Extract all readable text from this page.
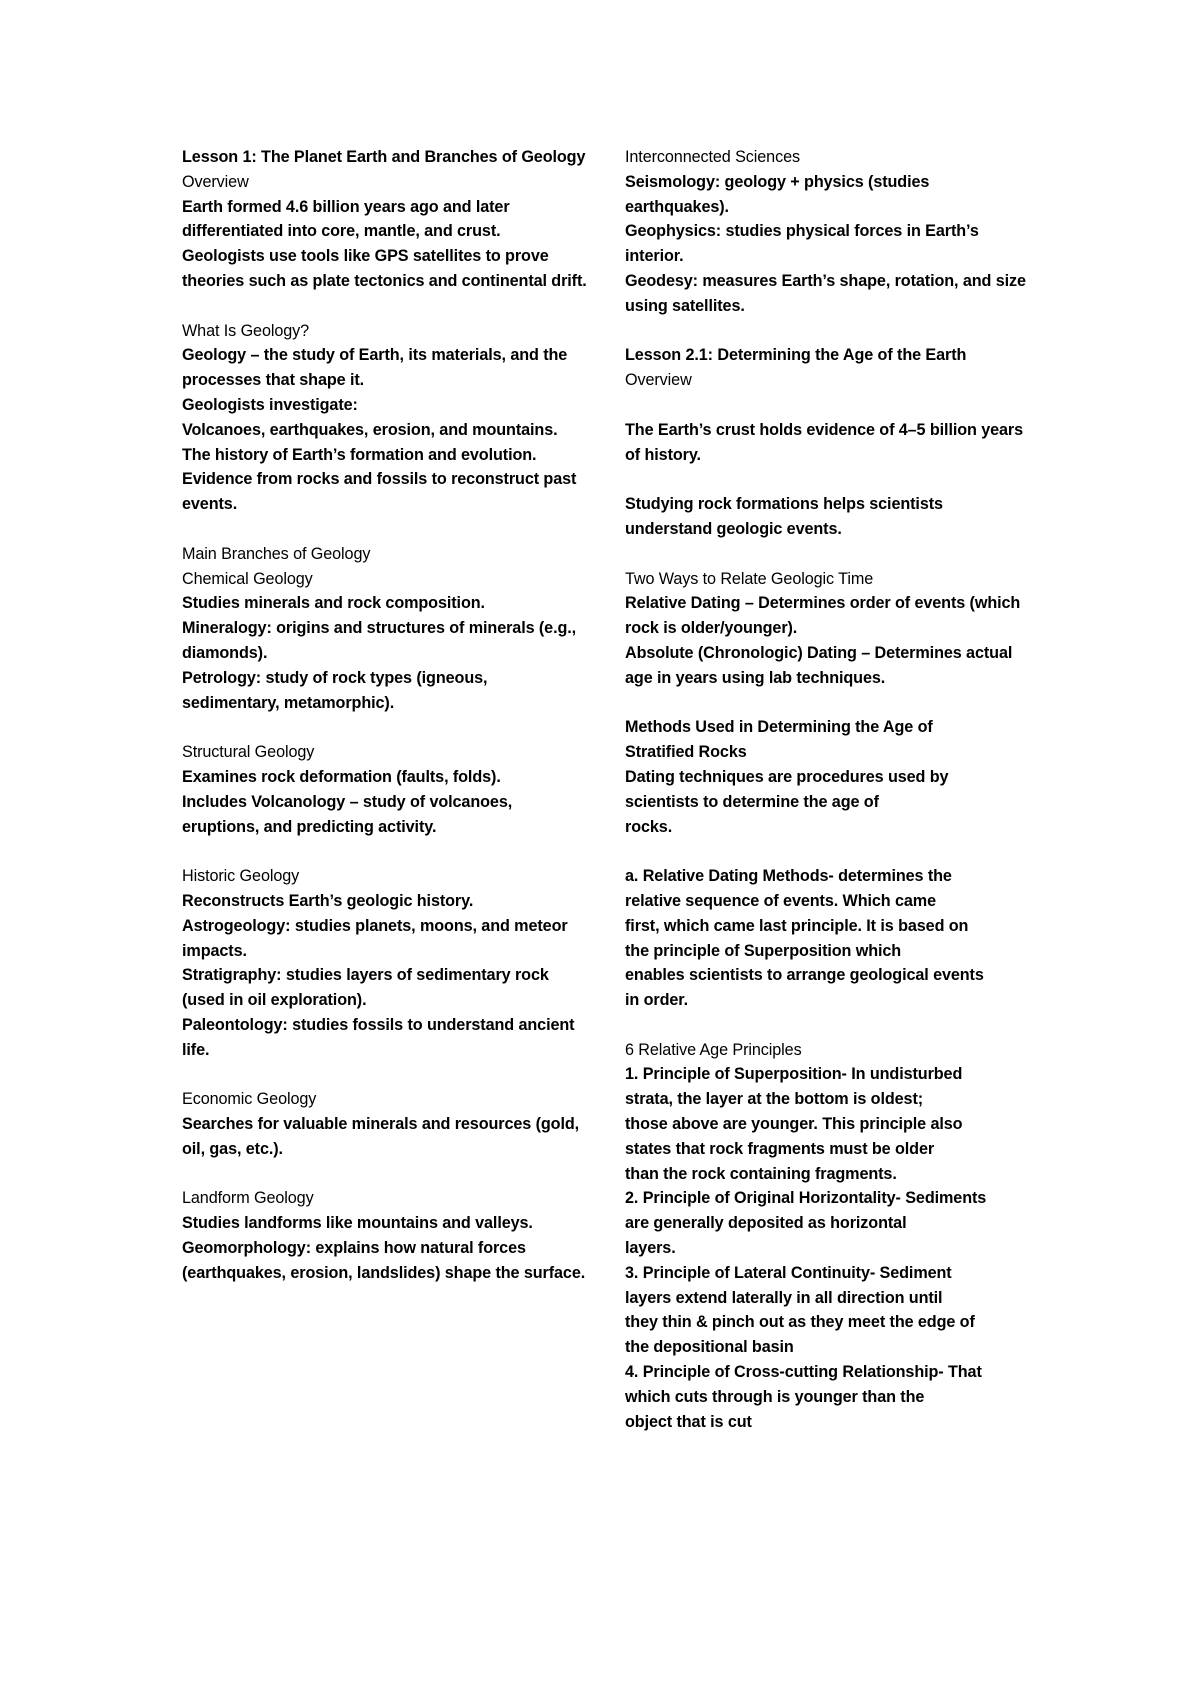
Lesson 1: The Planet Earth and Branches of Geology
Overview
Earth formed 4.6 billion years ago and later differentiated into core, mantle, and crust. Geologists use tools like GPS satellites to prove theories such as plate tectonics and continental drift.
What Is Geology?
Geology – the study of Earth, its materials, and the processes that shape it.
Geologists investigate:
Volcanoes, earthquakes, erosion, and mountains.
The history of Earth’s formation and evolution.
Evidence from rocks and fossils to reconstruct past events.
Main Branches of Geology
Chemical Geology
Studies minerals and rock composition.
Mineralogy: origins and structures of minerals (e.g., diamonds).
Petrology: study of rock types (igneous, sedimentary, metamorphic).
Structural Geology
Examines rock deformation (faults, folds).
Includes Volcanology – study of volcanoes, eruptions, and predicting activity.
Historic Geology
Reconstructs Earth’s geologic history.
Astrogeology: studies planets, moons, and meteor impacts.
Stratigraphy: studies layers of sedimentary rock (used in oil exploration).
Paleontology: studies fossils to understand ancient life.
Economic Geology
Searches for valuable minerals and resources (gold, oil, gas, etc.).
Landform Geology
Studies landforms like mountains and valleys.
Geomorphology: explains how natural forces (earthquakes, erosion, landslides) shape the surface.
Interconnected Sciences
Seismology: geology + physics (studies earthquakes).
Geophysics: studies physical forces in Earth’s interior.
Geodesy: measures Earth’s shape, rotation, and size using satellites.
Lesson 2.1: Determining the Age of the Earth
Overview
The Earth’s crust holds evidence of 4–5 billion years of history.
Studying rock formations helps scientists understand geologic events.
Two Ways to Relate Geologic Time
Relative Dating – Determines order of events (which rock is older/younger).
Absolute (Chronologic) Dating – Determines actual age in years using lab techniques.
Methods Used in Determining the Age of
Stratified Rocks
Dating techniques are procedures used by
scientists to determine the age of
rocks.
a. Relative Dating Methods- determines the
relative sequence of events. Which came
first, which came last principle. It is based on
the principle of Superposition which
enables scientists to arrange geological events
in order.
6 Relative Age Principles
1. Principle of Superposition- In undisturbed
strata, the layer at the bottom is oldest;
those above are younger. This principle also
states that rock fragments must be older
than the rock containing fragments.
2. Principle of Original Horizontality- Sediments
are generally deposited as horizontal
layers.
3. Principle of Lateral Continuity- Sediment
layers extend laterally in all direction until
they thin & pinch out as they meet the edge of
the depositional basin
4. Principle of Cross-cutting Relationship- That
which cuts through is younger than the
object that is cut
